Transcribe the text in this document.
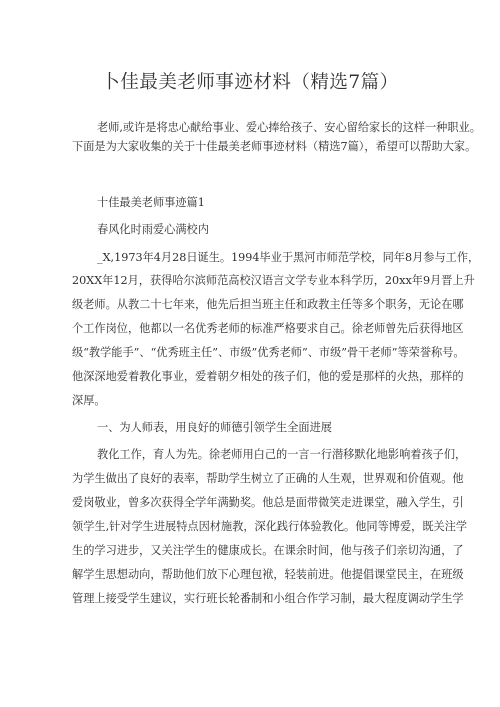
卜佳最美老师事迹材料（精选7篇）
老师,或许是将忠心献给事业、爱心捧给孩子、安心留给家长的这样一种职业。
下面是为大家收集的关于十佳最美老师事迹材料（精选7篇），希望可以帮助大家。
十佳最美老师事迹篇1
春风化时雨爱心满校内
_X,1973年4月28日诞生。1994毕业于黑河市师范学校，同年8月参与工作，
20XX年12月，获得哈尔滨师范高校汉语言文学专业本科学历，20xx年9月晋上升
级老师。从教二十七年来，他先后担当班主任和政教主任等多个职务，无论在哪
个工作岗位，他都以一名优秀老师的标准严格要求自己。徐老师曾先后获得地区
级“教学能手”、“优秀班主任”、市级”优秀老师”、市级”骨干老师”等荣誉称号。
他深深地爱着教化事业，爱着朝夕相处的孩子们，他的爱是那样的火热，那样的
深厚。
一、为人师表，用良好的师德引领学生全面进展
教化工作，育人为先。徐老师用白己的一言一行潜移默化地影响着孩子们，
为学生做出了良好的表率，帮助学生树立了正确的人生观，世界观和价值观。他
爱岗敬业，曾多次获得全学年满勤奖。他总是面带微笑走进课堂，融入学生，引
领学生,针对学生进展特点因材施教，深化践行体验教化。他同等博爱，既关注学
生的学习进步，又关注学生的健康成长。在课余时间，他与孩子们亲切沟通，了
解学生思想动向，帮助他们放下心理包袱，轻装前进。他提倡课堂民主，在班级
管理上接受学生建议，实行班长轮番制和小组合作学习制，最大程度调动学生学
